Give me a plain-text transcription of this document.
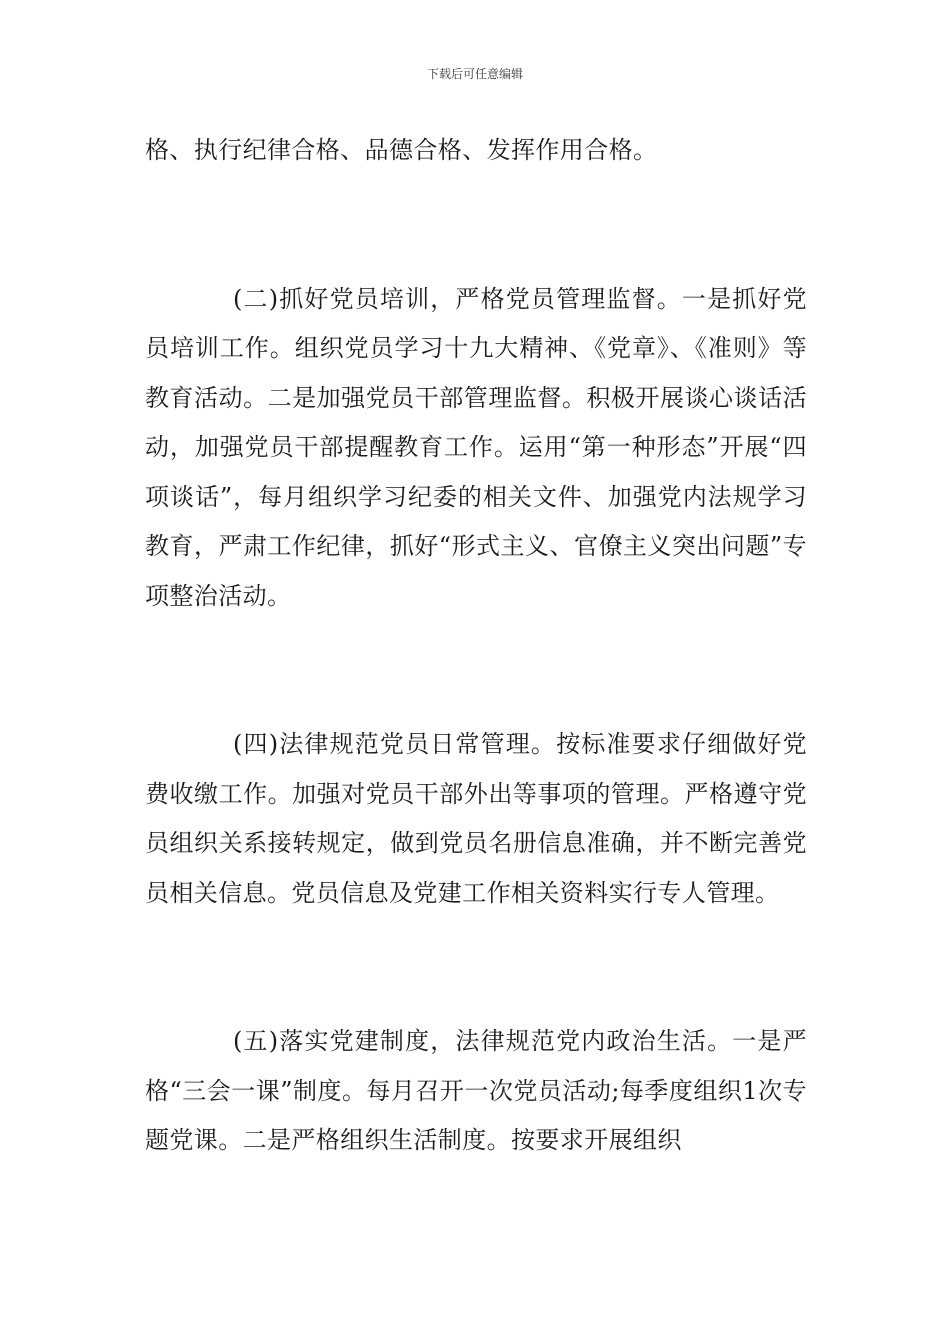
下载后可任意编辑

格、执行纪律合格、品德合格、发挥作用合格。

(二)抓好党员培训，严格党员管理监督。一是抓好党员培训工作。组织党员学习十九大精神、《党章》、《准则》等教育活动。二是加强党员干部管理监督。积极开展谈心谈话活动，加强党员干部提醒教育工作。运用“第一种形态”开展“四项谈话”，每月组织学习纪委的相关文件、加强党内法规学习教育，严肃工作纪律，抓好“形式主义、官僚主义突出问题”专项整治活动。

(四)法律规范党员日常管理。按标准要求仔细做好党费收缴工作。加强对党员干部外出等事项的管理。严格遵守党员组织关系接转规定，做到党员名册信息准确，并不断完善党员相关信息。党员信息及党建工作相关资料实行专人管理。

(五)落实党建制度，法律规范党内政治生活。一是严格“三会一课”制度。每月召开一次党员活动;每季度组织1次专题党课。二是严格组织生活制度。按要求开展组织
